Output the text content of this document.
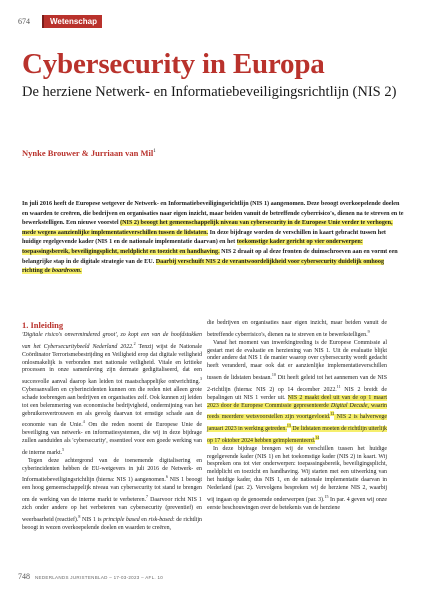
674	Wetenschap
Cybersecurity in Europa
De herziene Netwerk- en Informatiebeveiligingsrichtlijn (NIS 2)
Nynke Brouwer & Jurriaan van Mil$^1$
In juli 2016 heeft de Europese wetgever de Netwerk- en Informatiebeveiligingsrichtlijn (NIS 1) aangenomen. Deze beoogt overkoepelende doelen en waarden te creëren, die bedrijven en organisaties naar eigen inzicht, maar beiden vanuit de betreffende cyberrisico's, dienen na te streven en te bewerkstelligen. Een nieuwe voorstel (NIS 2) beoogt het gemeenschappelijk niveau van cybersecurity in de Europese Unie verder te verhogen, mede wegens aanzienlijke implementatieverschillen tussen de lidstaten. In deze bijdrage worden de verschillen in kaart gebracht tussen het huidige regelgevende kader (NIS 1 en de nationale implementatie daarvan) en het toekomstige kader gericht op vier onderwerpen: toepassingsbereik, beveiligingsplicht, meldplicht en toezicht en handhaving. NIS 2 draait op al deze fronten de duimschroeven aan en vormt een belangrijke stap in de digitale strategie van de EU. Daarbij verschuift NIS 2 de verantwoordelijkheid voor cybersecurity duidelijk omhoog richting de boardroom.
1. Inleiding

'Digitale risico's onvermindered groot', zo kopt een van de hoofdstukken van het Cybersecuritybeeld Nederland 2022.$^2$ Tenzij wijst de Nationale Coördinator Terrorismebestrijding en Veiligheid erop dat digitale veiligheid onlosmakelijk is verbonden met nationale veiligheid. Vitale en kritieke processen in onze samenleving zijn dermate gedigitaliseerd, dat een succesvolle aanval daarop kan leiden tot maatschappelijke ontwrichting.$^3$ Cyberaanvallen en cyberincidenten kunnen om die reden niet alleen grote schade toebrengen aan bedrijven en organisaties zelf. Ook kunnen zij leiden tot een belemmering van economische bedrijvigheid, ondermijning van het gebruikersvertrouwen en als gevolg daarvan tot ernstige schade aan de economie van de Unie.$^4$ Om die reden noemt de Europese Unie de beveiliging van netwerk- en informatiesystemen, die wij in deze bijdrage zullen aanduiden als 'cybersecurity', essentieel voor een goede werking van de interne markt.$^5$

Tegen deze achtergrond van de toenemende digitalisering en cyberincidenten hebben de EU-wetgevers in juli 2016 de Netwerk- en Informatiebeveiligingsrichtlijn (hierna: NIS 1) aangenomen.$^6$ NIS 1 beoogt een hoog gemeenschappelijk niveau van cybersecurity tot stand te brengen om de werking van de interne markt te verbeteren.$^7$ Daarvoor richt NIS 1 zich onder andere op het verbeteren van cybersecurity (preventief) en weerbaarheid (reactief).$^8$ NIS 1 is principle based en risk-based: de richtlijn beoogt in wezen overkoepelende doelen en waarden te creëren,

die bedrijven en organisaties naar eigen inzicht, maar beiden vanuit de betreffende cyberrisico's, dienen na te streven en te bewerkstelligen.$^9$

Vanaf het moment van inwerkingtreding is de Europese Commissie al gestart met de evaluatie en herziening van NIS 1. Uit de evaluatie blijkt onder andere dat NIS 1 de manier waarop over cybersecurity wordt gedacht heeft veranderd, maar ook dat er aanzienlijke implementatieverschillen tussen de lidstaten bestaan.$^{10}$ Dit heeft geleid tot het aannemen van de NIS 2-richtlijn (hierna: NIS 2) op 14 december 2022.11 NIS 2 breidt de bepalingen uit NIS 1 verder uit. NIS 2 maakt deel uit van de op 1 maart 2023 door de Europese Commissie gepresenteerde Digital Decade, waarin reeds meerdere wetsvoorstellen zijn voortgevloeid.$^{12}$ NIS 2 is halverwege januari 2023 in werking getreden.$^{13}$ De lidstaten moeten de richtlijn uiterlijk op 17 oktober 2024 hebben geïmplementeerd.$^{14}$

In deze bijdrage brengen wij de verschillen tussen het huidige regelgevende kader (NIS 1) en het toekomstige kader (NIS 2) in kaart. Wij bespreken ons tot vier onderwerpen: toepassingsbereik, beveiligingsplicht, meldplicht en toezicht en handhaving. Wij starten met een uitwerking van het huidige kader, dus NIS 1, en de nationale implementatie daarvan in Nederland (par. 2). Vervolgens bespreken wij de herziene NIS 2, waarbij wij ingaan op de genoemde onderwerpen (par. 3).$^{15}$ In par. 4 geven wij onze eerste beschouwingen over de betekenis van de herziene

748 NEDERLANDS JURISTENBLAD – 17-03-2023 – AFL. 10
